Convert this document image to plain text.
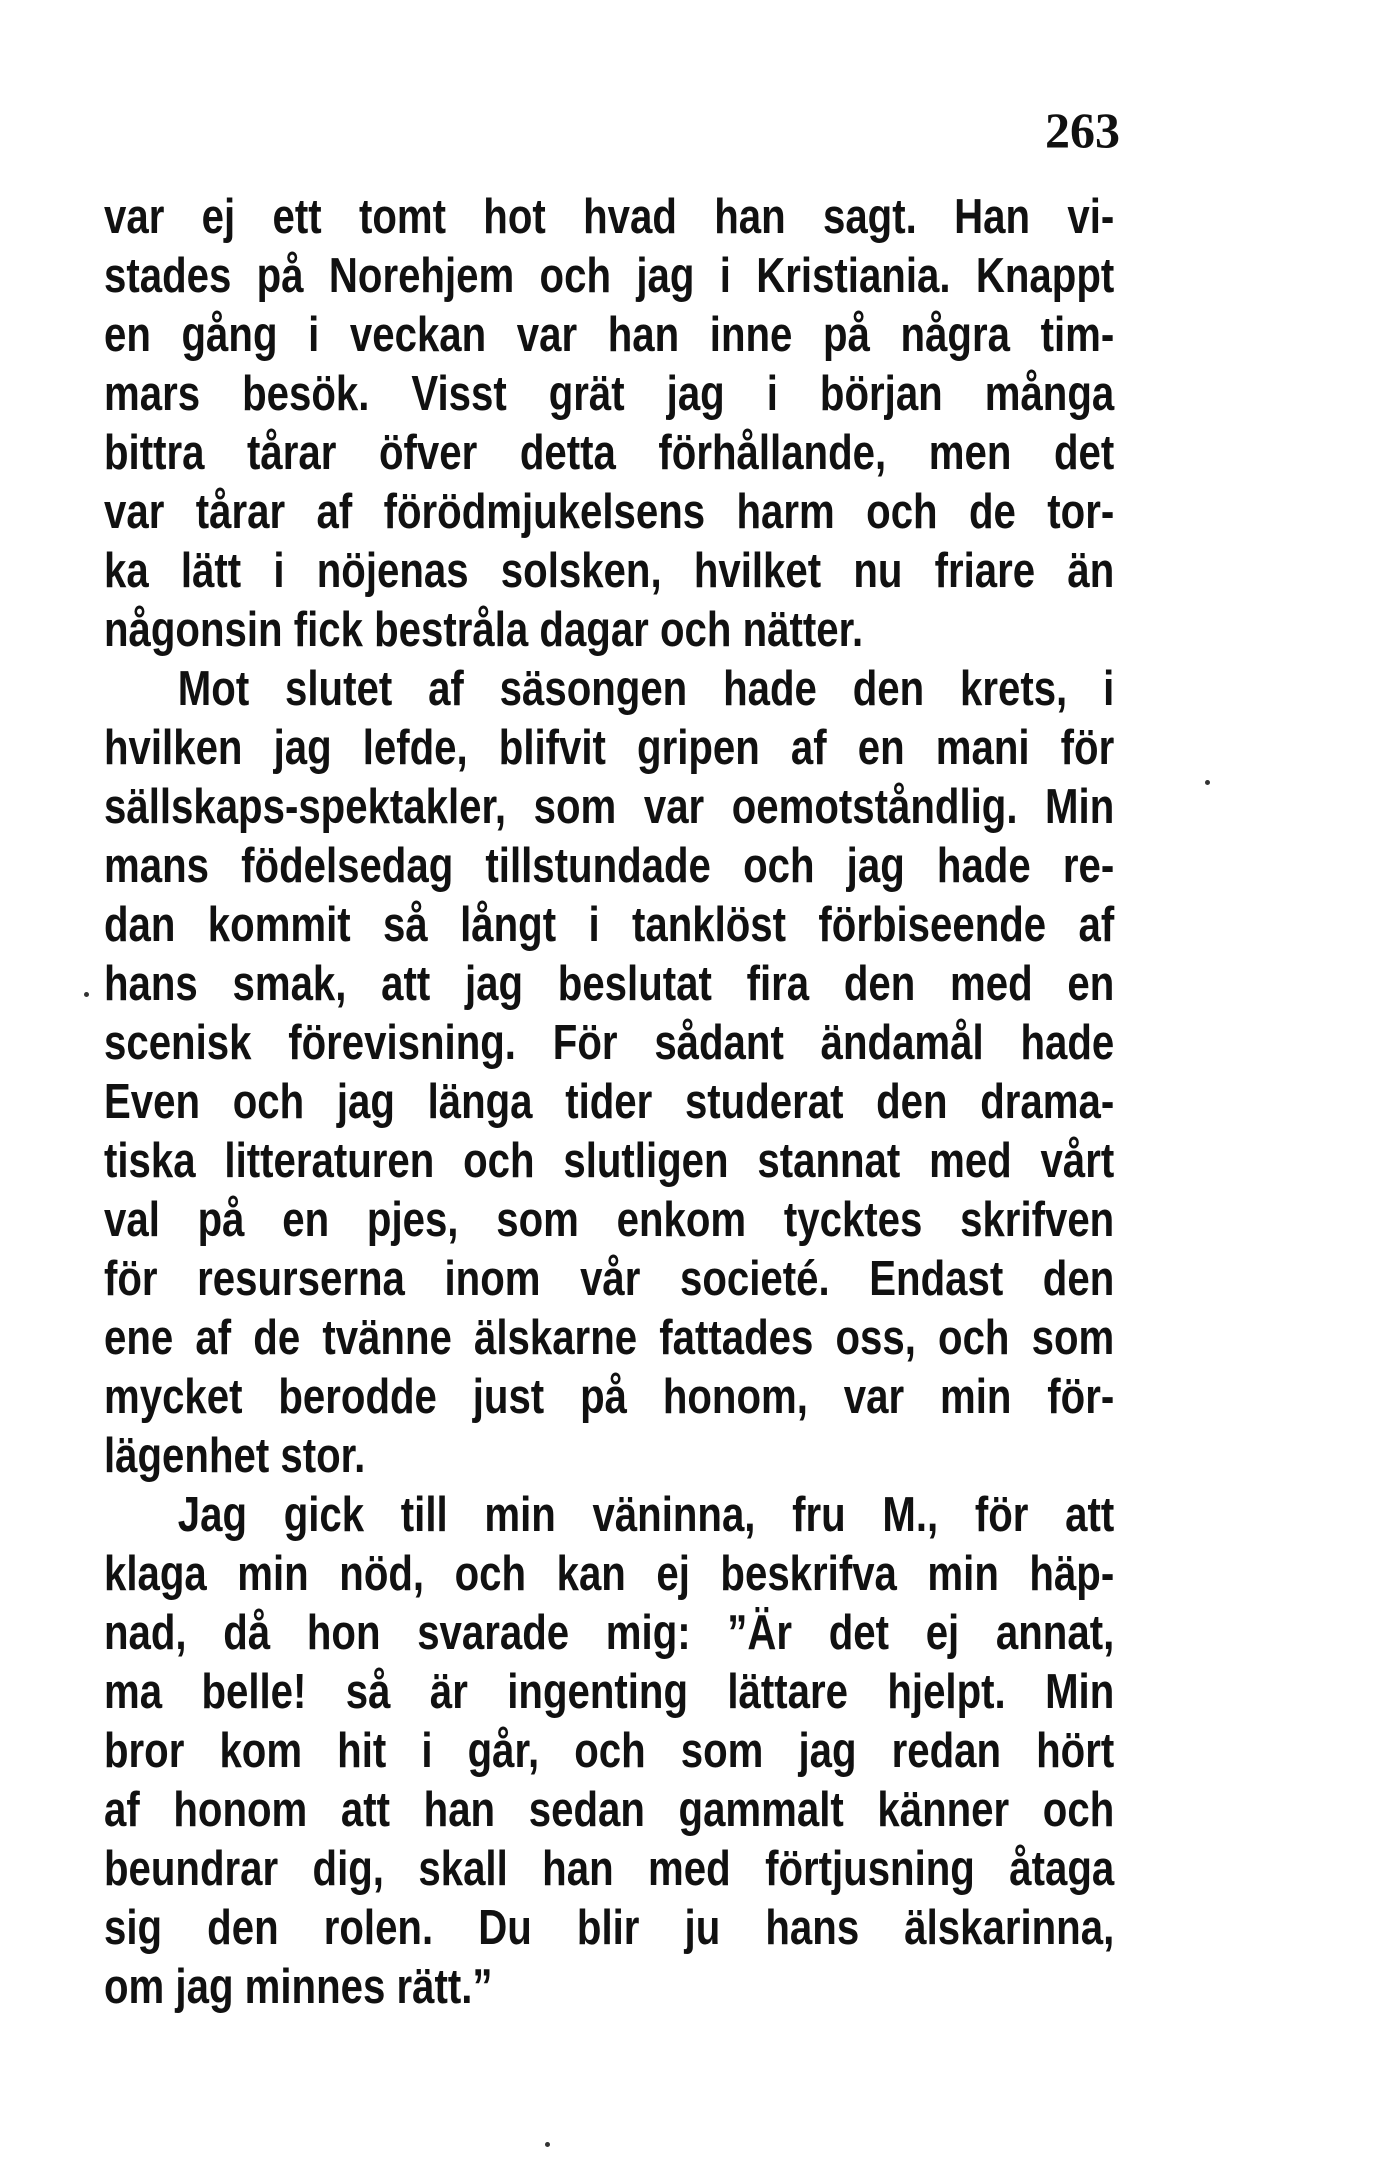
263
var ej ett tomt hot hvad han sagt. Han vi-
stades på Norehjem och jag i Kristiania. Knappt
en gång i veckan var han inne på några tim-
mars besök. Visst grät jag i början många
bittra tårar öfver detta förhållande, men det
var tårar af förödmjukelsens harm och de tor-
ka lätt i nöjenas solsken, hvilket nu friare än
någonsin fick bestråla dagar och nätter.
Mot slutet af säsongen hade den krets, i
hvilken jag lefde, blifvit gripen af en mani för
sällskaps-spektakler, som var oemotståndlig. Min
mans födelsedag tillstundade och jag hade re-
dan kommit så långt i tanklöst förbiseende af
hans smak, att jag beslutat fira den med en
scenisk förevisning. För sådant ändamål hade
Even och jag länga tider studerat den drama-
tiska litteraturen och slutligen stannat med vårt
val på en pjes, som enkom tycktes skrifven
för resurserna inom vår societé. Endast den
ene af de tvänne älskarne fattades oss, och som
mycket berodde just på honom, var min för-
lägenhet stor.
Jag gick till min väninna, fru M., för att
klaga min nöd, och kan ej beskrifva min häp-
nad, då hon svarade mig: ”Är det ej annat,
ma belle! så är ingenting lättare hjelpt. Min
bror kom hit i går, och som jag redan hört
af honom att han sedan gammalt känner och
beundrar dig, skall han med förtjusning åtaga
sig den rolen. Du blir ju hans älskarinna,
om jag minnes rätt.”
